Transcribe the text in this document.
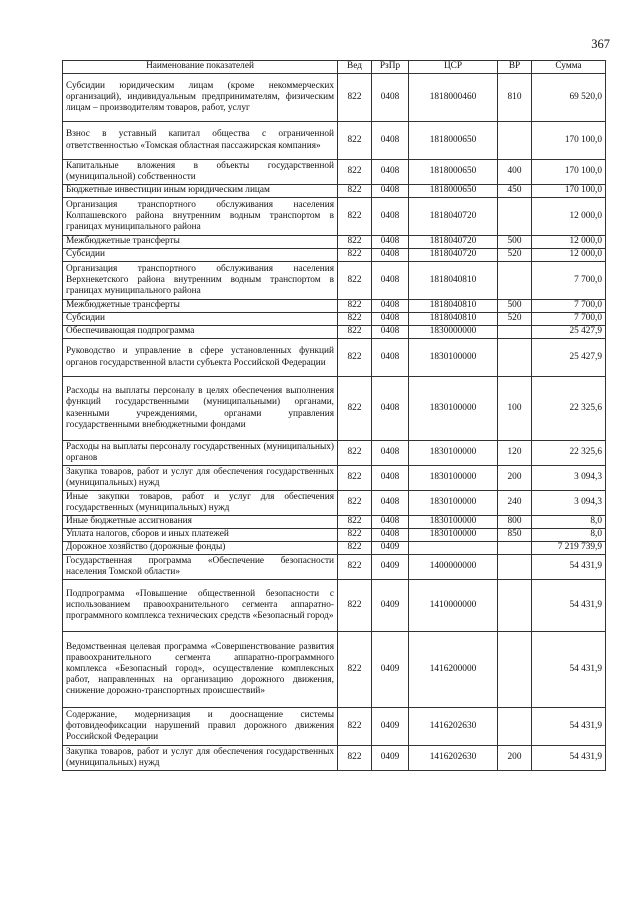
367
Наименование показателей	Вед	РзПр	ЦСР	ВР	Сумма
Субсидии юридическим лицам (кроме некоммерческих организаций), индивидуальным предпринимателям, физическим лицам – производителям товаров, работ, услуг	822	0408	1818000460	810	69 520,0
Взнос в уставный капитал общества с ограниченной ответственностью «Томская областная пассажирская компания»	822	0408	1818000650		170 100,0
Капитальные вложения в объекты государственной (муниципальной) собственности	822	0408	1818000650	400	170 100,0
Бюджетные инвестиции иным юридическим лицам	822	0408	1818000650	450	170 100,0
Организация транспортного обслуживания населения Колпашевского района внутренним водным транспортом в границах муниципального района	822	0408	1818040720		12 000,0
Межбюджетные трансферты	822	0408	1818040720	500	12 000,0
Субсидии	822	0408	1818040720	520	12 000,0
Организация транспортного обслуживания населения Верхнекетского района внутренним водным транспортом в границах муниципального района	822	0408	1818040810		7 700,0
Межбюджетные трансферты	822	0408	1818040810	500	7 700,0
Субсидии	822	0408	1818040810	520	7 700,0
Обеспечивающая подпрограмма	822	0408	1830000000		25 427,9
Руководство и управление в сфере установленных функций органов государственной власти субъекта Российской Федерации	822	0408	1830100000		25 427,9
Расходы на выплаты персоналу в целях обеспечения выполнения функций государственными (муниципальными) органами, казенными учреждениями, органами управления государственными внебюджетными фондами	822	0408	1830100000	100	22 325,6
Расходы на выплаты персоналу государственных (муниципальных) органов	822	0408	1830100000	120	22 325,6
Закупка товаров, работ и услуг для обеспечения государственных (муниципальных) нужд	822	0408	1830100000	200	3 094,3
Иные закупки товаров, работ и услуг для обеспечения государственных (муниципальных) нужд	822	0408	1830100000	240	3 094,3
Иные бюджетные ассигнования	822	0408	1830100000	800	8,0
Уплата налогов, сборов и иных платежей	822	0408	1830100000	850	8,0
Дорожное хозяйство (дорожные фонды)	822	0409			7 219 739,9
Государственная программа «Обеспечение безопасности населения Томской области»	822	0409	1400000000		54 431,9
Подпрограмма «Повышение общественной безопасности с использованием правоохранительного сегмента аппаратно-программного комплекса технических средств «Безопасный город»	822	0409	1410000000		54 431,9
Ведомственная целевая программа «Совершенствование развития правоохранительного сегмента аппаратно-программного комплекса «Безопасный город», осуществление комплексных работ, направленных на организацию дорожного движения, снижение дорожно-транспортных происшествий»	822	0409	1416200000		54 431,9
Содержание, модернизация и дооснащение системы фотовидеофиксации нарушений правил дорожного движения Российской Федерации	822	0409	1416202630		54 431,9
Закупка товаров, работ и услуг для обеспечения государственных (муниципальных) нужд	822	0409	1416202630	200	54 431,9
